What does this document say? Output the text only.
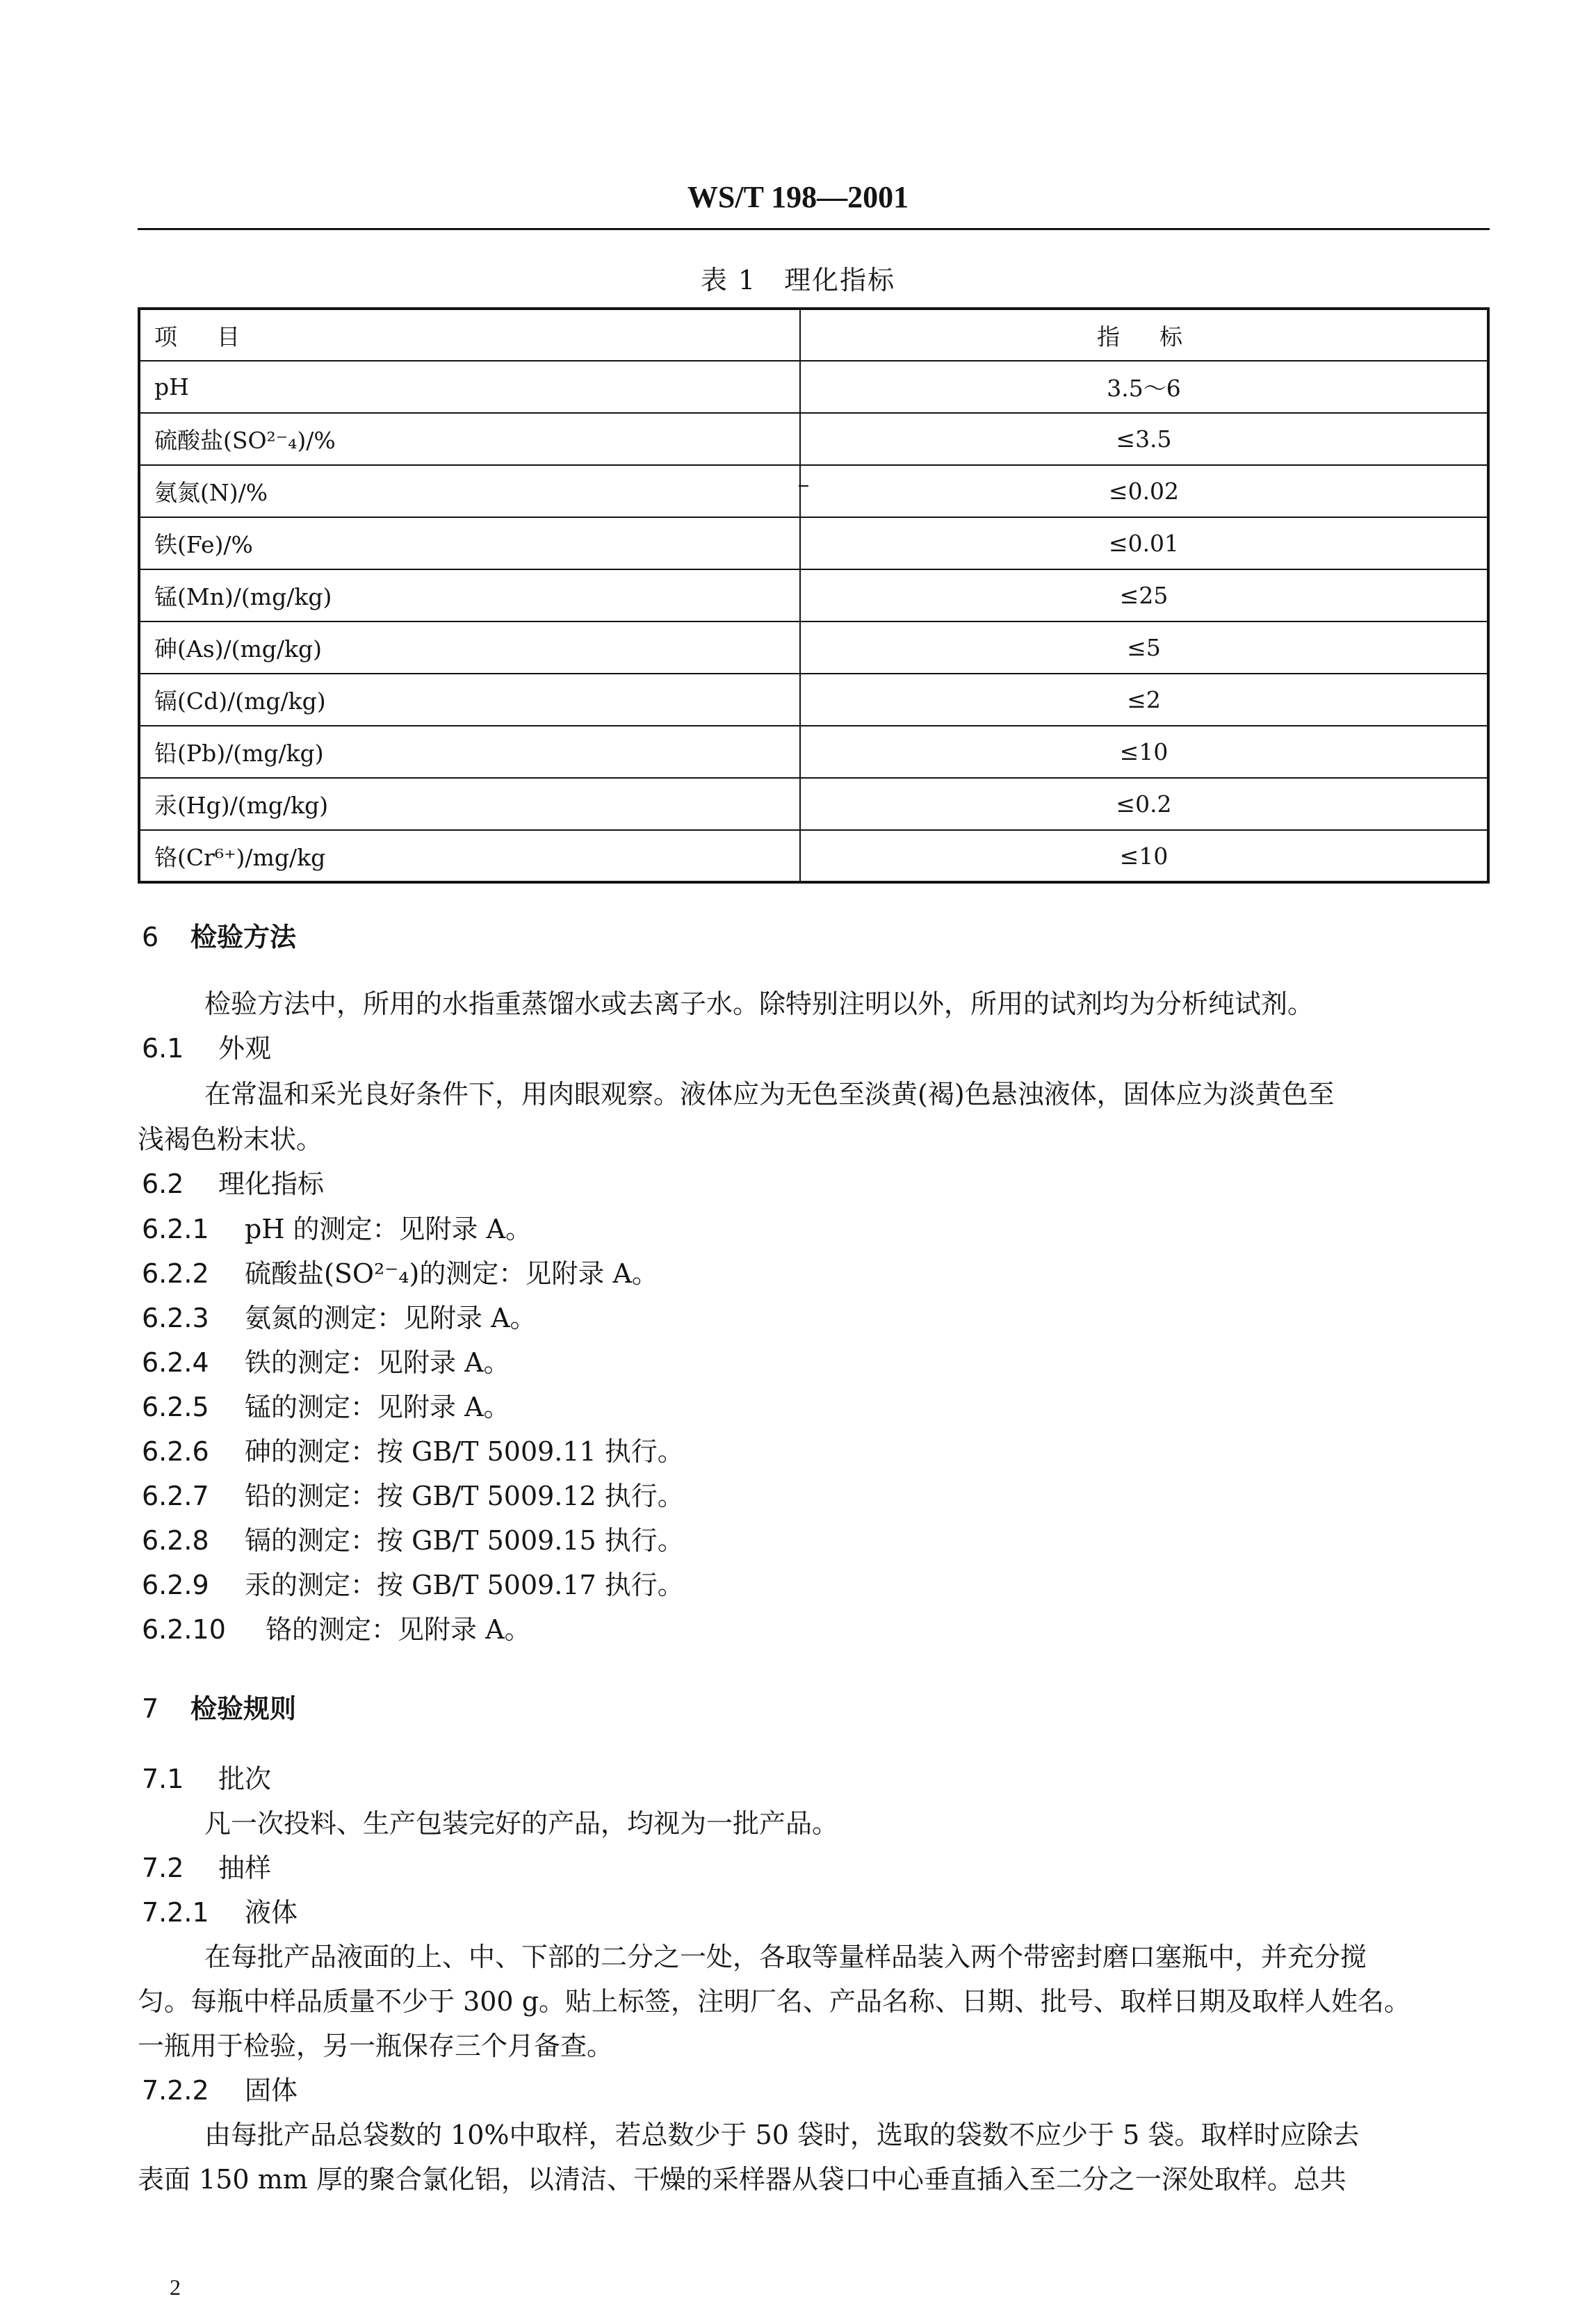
WS/T 198—2001
表 1　理化指标
项　目	指　标
pH	3.5～6
硫酸盐(SO²⁻₄)/%	≤3.5
氨氮(N)/%	≤0.02
铁(Fe)/%	≤0.01
锰(Mn)/(mg/kg)	≤25
砷(As)/(mg/kg)	≤5
镉(Cd)/(mg/kg)	≤2
铅(Pb)/(mg/kg)	≤10
汞(Hg)/(mg/kg)	≤0.2
铬(Cr⁶⁺)/mg/kg	≤10
6 检验方法
检验方法中，所用的水指重蒸馏水或去离子水。除特别注明以外，所用的试剂均为分析纯试剂。
6.1 外观
在常温和采光良好条件下，用肉眼观察。液体应为无色至淡黄(褐)色悬浊液体，固体应为淡黄色至
浅褐色粉末状。
6.2 理化指标
6.2.1 pH 的测定：见附录 A。
6.2.2 硫酸盐(SO²⁻₄)的测定：见附录 A。
6.2.3 氨氮的测定：见附录 A。
6.2.4 铁的测定：见附录 A。
6.2.5 锰的测定：见附录 A。
6.2.6 砷的测定：按 GB/T 5009.11 执行。
6.2.7 铅的测定：按 GB/T 5009.12 执行。
6.2.8 镉的测定：按 GB/T 5009.15 执行。
6.2.9 汞的测定：按 GB/T 5009.17 执行。
6.2.10 铬的测定：见附录 A。
7 检验规则
7.1 批次
凡一次投料、生产包装完好的产品，均视为一批产品。
7.2 抽样
7.2.1 液体
在每批产品液面的上、中、下部的二分之一处，各取等量样品装入两个带密封磨口塞瓶中，并充分搅
匀。每瓶中样品质量不少于 300 g。贴上标签，注明厂名、产品名称、日期、批号、取样日期及取样人姓名。
一瓶用于检验，另一瓶保存三个月备查。
7.2.2 固体
由每批产品总袋数的 10%中取样，若总数少于 50 袋时，选取的袋数不应少于 5 袋。取样时应除去
表面 150 mm 厚的聚合氯化铝，以清洁、干燥的采样器从袋口中心垂直插入至二分之一深处取样。总共
2
